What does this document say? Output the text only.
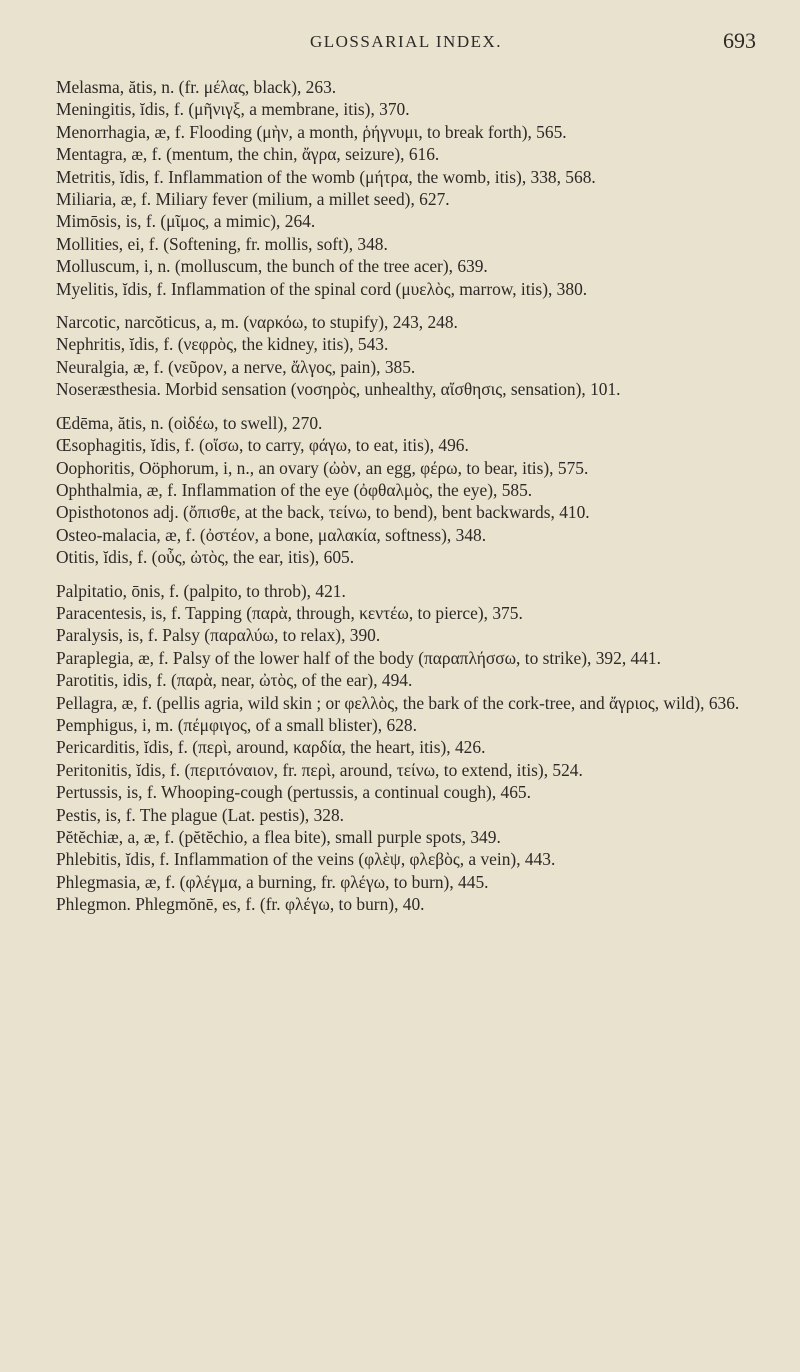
GLOSSARIAL INDEX.	693

Melasma, ătis, n. (fr. μέλας, black), 263.

Meningitis, ĭdis, f. (μῆνιγξ, a membrane, itis), 370.

Menorrhagia, æ, f. Flooding (μὴν, a month, ῥήγνυμι, to break forth), 565.

Mentagra, æ, f. (mentum, the chin, ἄγρα, seizure), 616.

Metritis, ĭdis, f. Inflammation of the womb (μήτρα, the womb, itis), 338, 568.

Miliaria, æ, f. Miliary fever (milium, a millet seed), 627.

Mimōsis, is, f. (μῖμος, a mimic), 264.

Mollities, ei, f. (Softening, fr. mollis, soft), 348.

Molluscum, i, n. (molluscum, the bunch of the tree acer), 639.

Myelitis, ĭdis, f. Inflammation of the spinal cord (μυελὸς, marrow, itis), 380.

Narcotic, narcŏticus, a, m. (ναρκόω, to stupify), 243, 248.

Nephritis, ĭdis, f. (νεφρὸς, the kidney, itis), 543.

Neuralgia, æ, f. (νεῦρον, a nerve, ἄλγος, pain), 385.

Noseræsthesia. Morbid sensation (νοσηρὸς, unhealthy, αἴσθησις, sensation), 101.

Œdēma, ătis, n. (οἰδέω, to swell), 270.

Œsophagitis, ĭdis, f. (οἴσω, to carry, φάγω, to eat, itis), 496.

Oophoritis, Oöphorum, i, n., an ovary (ὠὸν, an egg, φέρω, to bear, itis), 575.

Ophthalmia, æ, f. Inflammation of the eye (ὀφθαλμὸς, the eye), 585.

Opisthotonos adj. (ὄπισθε, at the back, τείνω, to bend), bent backwards, 410.

Osteo-malacia, æ, f. (ὀστέον, a bone, μαλακία, softness), 348.

Otitis, ĭdis, f. (οὖς, ὠτὸς, the ear, itis), 605.

Palpitatio, ōnis, f. (palpito, to throb), 421.

Paracentesis, is, f. Tapping (παρὰ, through, κεντέω, to pierce), 375.

Paralysis, is, f. Palsy (παραλύω, to relax), 390.

Paraplegia, æ, f. Palsy of the lower half of the body (παραπλήσσω, to strike), 392, 441.

Parotitis, idis, f. (παρὰ, near, ὠτὸς, of the ear), 494.

Pellagra, æ, f. (pellis agria, wild skin ; or φελλὸς, the bark of the cork-tree, and ἄγριος, wild), 636.

Pemphigus, i, m. (πέμφιγος, of a small blister), 628.

Pericarditis, ĭdis, f. (περὶ, around, καρδία, the heart, itis), 426.

Peritonitis, ĭdis, f. (περιτόναιον, fr. περὶ, around, τείνω, to extend, itis), 524.

Pertussis, is, f. Whooping-cough (pertussis, a continual cough), 465.

Pestis, is, f. The plague (Lat. pestis), 328.

Pĕtĕchiæ, a, æ, f. (pĕtĕchio, a flea bite), small purple spots, 349.

Phlebitis, ĭdis, f. Inflammation of the veins (φλὲψ, φλεβὸς, a vein), 443.

Phlegmasia, æ, f. (φλέγμα, a burning, fr. φλέγω, to burn), 445.

Phlegmon. Phlegmŏnē, es, f. (fr. φλέγω, to burn), 40.
